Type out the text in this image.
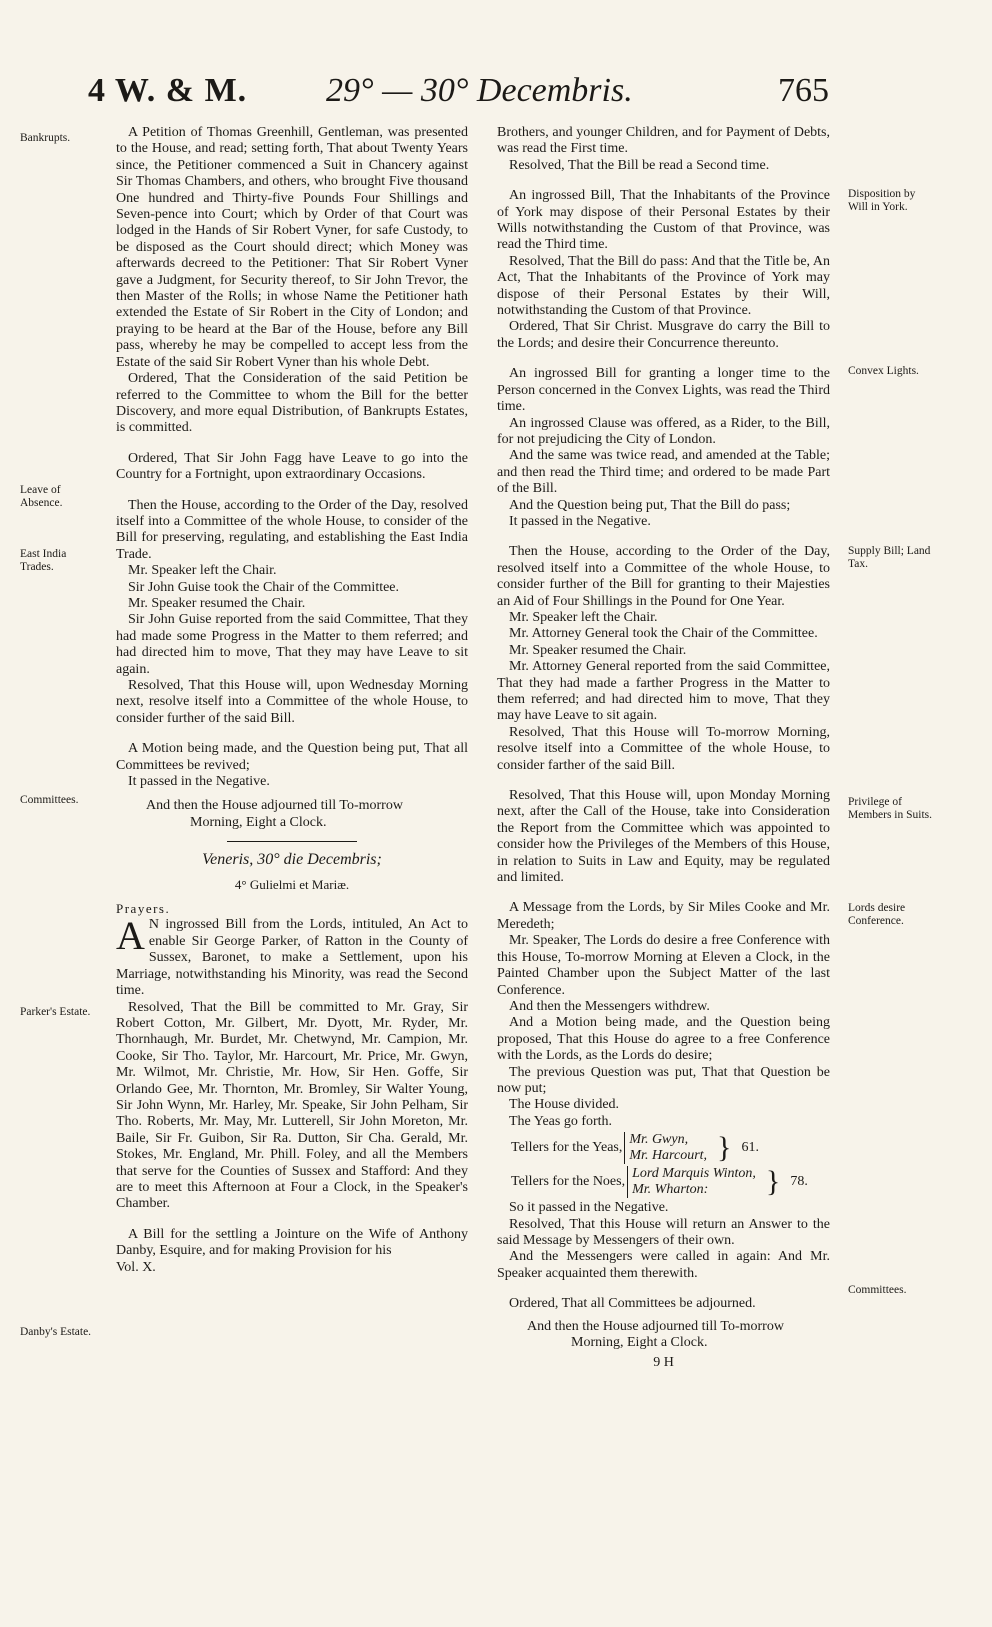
4 W. & M. 29° — 30° Decembris.	765
Bankrupts.
Leave of Absence.
East India Trades.
Committees.
Parker's Estate.
Danby's Estate.
Disposition by Will in York.
Convex Lights.
Supply Bill; Land Tax.
Privilege of Members in Suits.
Lords desire Conference.
Committees.

A Petition of Thomas Greenhill, Gentleman, was presented to the House, and read; setting forth, That about Twenty Years since, the Petitioner commenced a Suit in Chancery against Sir Thomas Chambers, and others, who brought Five thousand One hundred and Thirty-five Pounds Four Shillings and Seven-pence into Court; which by Order of that Court was lodged in the Hands of Sir Robert Vyner, for safe Custody, to be disposed as the Court should direct; which Money was afterwards decreed to the Petitioner: That Sir Robert Vyner gave a Judgment, for Security thereof, to Sir John Trevor, the then Master of the Rolls; in whose Name the Petitioner hath extended the Estate of Sir Robert in the City of London; and praying to be heard at the Bar of the House, before any Bill pass, whereby he may be compelled to accept less from the Estate of the said Sir Robert Vyner than his whole Debt.

Ordered, That the Consideration of the said Petition be referred to the Committee to whom the Bill for the better Discovery, and more equal Distribution, of Bankrupts Estates, is committed.

Ordered, That Sir John Fagg have Leave to go into the Country for a Fortnight, upon extraordinary Occasions.

Then the House, according to the Order of the Day, resolved itself into a Committee of the whole House, to consider of the Bill for preserving, regulating, and establishing the East India Trade.

Mr. Speaker left the Chair.

Sir John Guise took the Chair of the Committee.

Mr. Speaker resumed the Chair.

Sir John Guise reported from the said Committee, That they had made some Progress in the Matter to them referred; and had directed him to move, That they may have Leave to sit again.

Resolved, That this House will, upon Wednesday Morning next, resolve itself into a Committee of the whole House, to consider further of the said Bill.

A Motion being made, and the Question being put, That all Committees be revived;

It passed in the Negative.

And then the House adjourned till To-morrow

Morning, Eight a Clock.

Veneris, 30° die Decembris;
4° Gulielmi et Mariæ.
Prayers.

A N ingrossed Bill from the Lords, intituled, An Act to enable Sir George Parker, of Ratton in the County of Sussex, Baronet, to make a Settlement, upon his Marriage, notwithstanding his Minority, was read the Second time.

Resolved, That the Bill be committed to Mr. Gray, Sir Robert Cotton, Mr. Gilbert, Mr. Dyott, Mr. Ryder, Mr. Thornhaugh, Mr. Burdet, Mr. Chetwynd, Mr. Campion, Mr. Cooke, Sir Tho. Taylor, Mr. Harcourt, Mr. Price, Mr. Gwyn, Mr. Wilmot, Mr. Christie, Mr. How, Sir Hen. Goffe, Sir Orlando Gee, Mr. Thornton, Mr. Bromley, Sir Walter Young, Sir John Wynn, Mr. Harley, Mr. Speake, Sir John Pelham, Sir Tho. Roberts, Mr. May, Mr. Lutterell, Sir John Moreton, Mr. Baile, Sir Fr. Guibon, Sir Ra. Dutton, Sir Cha. Gerald, Mr. Stokes, Mr. England, Mr. Phill. Foley, and all the Members that serve for the Counties of Sussex and Stafford: And they are to meet this Afternoon at Four a Clock, in the Speaker's Chamber.

A Bill for the settling a Jointure on the Wife of Anthony Danby, Esquire, and for making Provision for his

Vol. X.

Brothers, and younger Children, and for Payment of Debts, was read the First time.

Resolved, That the Bill be read a Second time.

An ingrossed Bill, That the Inhabitants of the Province of York may dispose of their Personal Estates by their Wills notwithstanding the Custom of that Province, was read the Third time.

Resolved, That the Bill do pass: And that the Title be, An Act, That the Inhabitants of the Province of York may dispose of their Personal Estates by their Will, notwithstanding the Custom of that Province.

Ordered, That Sir Christ. Musgrave do carry the Bill to the Lords; and desire their Concurrence thereunto.

An ingrossed Bill for granting a longer time to the Person concerned in the Convex Lights, was read the Third time.

An ingrossed Clause was offered, as a Rider, to the Bill, for not prejudicing the City of London.

And the same was twice read, and amended at the Table; and then read the Third time; and ordered to be made Part of the Bill.

And the Question being put, That the Bill do pass;

It passed in the Negative.

Then the House, according to the Order of the Day, resolved itself into a Committee of the whole House, to consider further of the Bill for granting to their Majesties an Aid of Four Shillings in the Pound for One Year.

Mr. Speaker left the Chair.

Mr. Attorney General took the Chair of the Committee.

Mr. Speaker resumed the Chair.

Mr. Attorney General reported from the said Committee, That they had made a farther Progress in the Matter to them referred; and had directed him to move, That they may have Leave to sit again.

Resolved, That this House will To-morrow Morning, resolve itself into a Committee of the whole House, to consider farther of the said Bill.

Resolved, That this House will, upon Monday Morning next, after the Call of the House, take into Consideration the Report from the Committee which was appointed to consider how the Privileges of the Members of this House, in relation to Suits in Law and Equity, may be regulated and limited.

A Message from the Lords, by Sir Miles Cooke and Mr. Meredeth;

Mr. Speaker, The Lords do desire a free Conference with this House, To-morrow Morning at Eleven a Clock, in the Painted Chamber upon the Subject Matter of the last Conference.

And then the Messengers withdrew.

And a Motion being made, and the Question being proposed, That this House do agree to a free Conference with the Lords, as the Lords do desire;

The previous Question was put, That that Question be now put;

The House divided.

The Yeas go forth.

Tellers for the Yeas,	
Mr. Gwyn,
Mr. Harcourt,	}	61.
Tellers for the Noes,	
Lord Marquis Winton,
Mr. Wharton:	}	78.

So it passed in the Negative.

Resolved, That this House will return an Answer to the said Message by Messengers of their own.

And the Messengers were called in again: And Mr. Speaker acquainted them therewith.

Ordered, That all Committees be adjourned.

And then the House adjourned till To-morrow

Morning, Eight a Clock.

9 H
